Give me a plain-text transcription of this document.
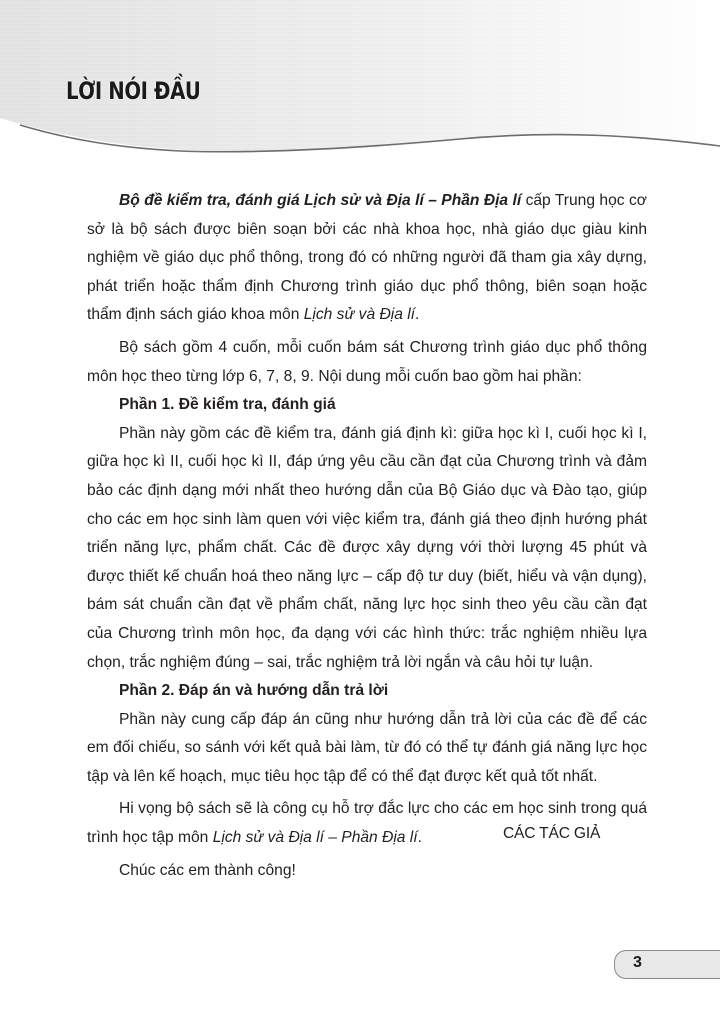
LỜI NÓI ĐẦU

Bộ đề kiểm tra, đánh giá Lịch sử và Địa lí – Phần Địa lí cấp Trung học cơ sở là bộ sách được biên soạn bởi các nhà khoa học, nhà giáo dục giàu kinh nghiệm về giáo dục phổ thông, trong đó có những người đã tham gia xây dựng, phát triển hoặc thẩm định Chương trình giáo dục phổ thông, biên soạn hoặc thẩm định sách giáo khoa môn Lịch sử và Địa lí.

Bộ sách gồm 4 cuốn, mỗi cuốn bám sát Chương trình giáo dục phổ thông môn học theo từng lớp 6, 7, 8, 9. Nội dung mỗi cuốn bao gồm hai phần:

Phần 1. Đề kiểm tra, đánh giá

Phần này gồm các đề kiểm tra, đánh giá định kì: giữa học kì I, cuối học kì I, giữa học kì II, cuối học kì II, đáp ứng yêu cầu cần đạt của Chương trình và đảm bảo các định dạng mới nhất theo hướng dẫn của Bộ Giáo dục và Đào tạo, giúp cho các em học sinh làm quen với việc kiểm tra, đánh giá theo định hướng phát triển năng lực, phẩm chất. Các đề được xây dựng với thời lượng 45 phút và được thiết kế chuẩn hoá theo năng lực – cấp độ tư duy (biết, hiểu và vận dụng), bám sát chuẩn cần đạt về phẩm chất, năng lực học sinh theo yêu cầu cần đạt của Chương trình môn học, đa dạng với các hình thức: trắc nghiệm nhiều lựa chọn, trắc nghiệm đúng – sai, trắc nghiệm trả lời ngắn và câu hỏi tự luận.

Phần 2. Đáp án và hướng dẫn trả lời

Phần này cung cấp đáp án cũng như hướng dẫn trả lời của các đề để các em đối chiếu, so sánh với kết quả bài làm, từ đó có thể tự đánh giá năng lực học tập và lên kế hoạch, mục tiêu học tập để có thể đạt được kết quả tốt nhất.

Hi vọng bộ sách sẽ là công cụ hỗ trợ đắc lực cho các em học sinh trong quá trình học tập môn Lịch sử và Địa lí – Phần Địa lí.

Chúc các em thành công!

CÁC TÁC GIẢ
3
